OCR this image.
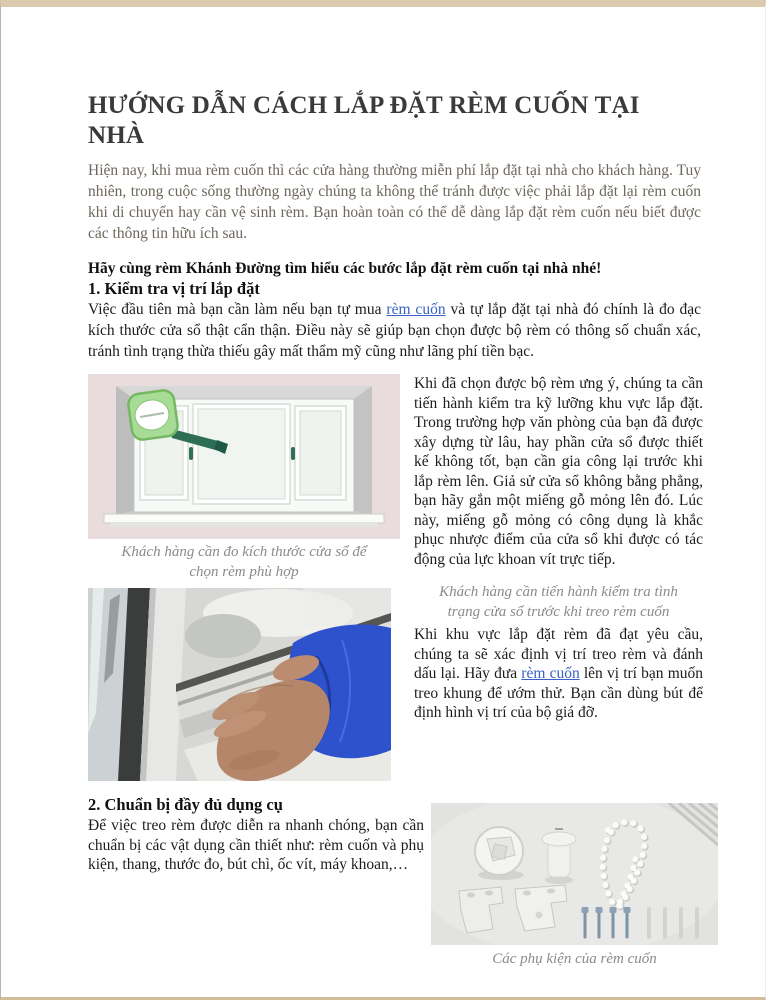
HƯỚNG DẪN CÁCH LẮP ĐẶT RÈM CUỐN TẠI NHÀ

Hiện nay, khi mua rèm cuốn thì các cửa hàng thường miễn phí lắp đặt tại nhà cho khách hàng. Tuy nhiên, trong cuộc sống thường ngày chúng ta không thể tránh được việc phải lắp đặt lại rèm cuốn khi di chuyển hay cần vệ sinh rèm. Bạn hoàn toàn có thể dễ dàng lắp đặt rèm cuốn nếu biết được các thông tin hữu ích sau.

Hãy cùng rèm Khánh Đường tìm hiểu các bước lắp đặt rèm cuốn tại nhà nhé!

1. Kiểm tra vị trí lắp đặt

Việc đầu tiên mà bạn cần làm nếu bạn tự mua rèm cuốn và tự lắp đặt tại nhà đó chính là đo đạc kích thước cửa sổ thật cẩn thận. Điều này sẽ giúp bạn chọn được bộ rèm có thông số chuẩn xác, tránh tình trạng thừa thiếu gây mất thẩm mỹ cũng như lãng phí tiền bạc.

Khách hàng cần đo kích thước cửa sổ để chọn rèm phù hợp

Khi đã chọn được bộ rèm ưng ý, chúng ta cần tiến hành kiểm tra kỹ lưỡng khu vực lắp đặt. Trong trường hợp văn phòng của bạn đã được xây dựng từ lâu, hay phần cửa sổ được thiết kế không tốt, bạn cần gia công lại trước khi lắp rèm lên. Giả sử cửa sổ không bằng phẳng, bạn hãy gắn một miếng gỗ mỏng lên đó. Lúc này, miếng gỗ mỏng có công dụng là khắc phục nhược điểm của cửa sổ khi được có tác động của lực khoan vít trực tiếp.

Khách hàng cần tiến hành kiểm tra tình trạng cửa sổ trước khi treo rèm cuốn

Khi khu vực lắp đặt rèm đã đạt yêu cầu, chúng ta sẽ xác định vị trí treo rèm và đánh dấu lại. Hãy đưa rèm cuốn lên vị trí bạn muốn treo khung để ướm thử. Bạn cần dùng bút để định hình vị trí của bộ giá đỡ.

2. Chuẩn bị đầy đủ dụng cụ

Để việc treo rèm được diễn ra nhanh chóng, bạn cần chuẩn bị các vật dụng cần thiết như: rèm cuốn và phụ kiện, thang, thước đo, bút chì, ốc vít, máy khoan,…

Các phụ kiện của rèm cuốn
